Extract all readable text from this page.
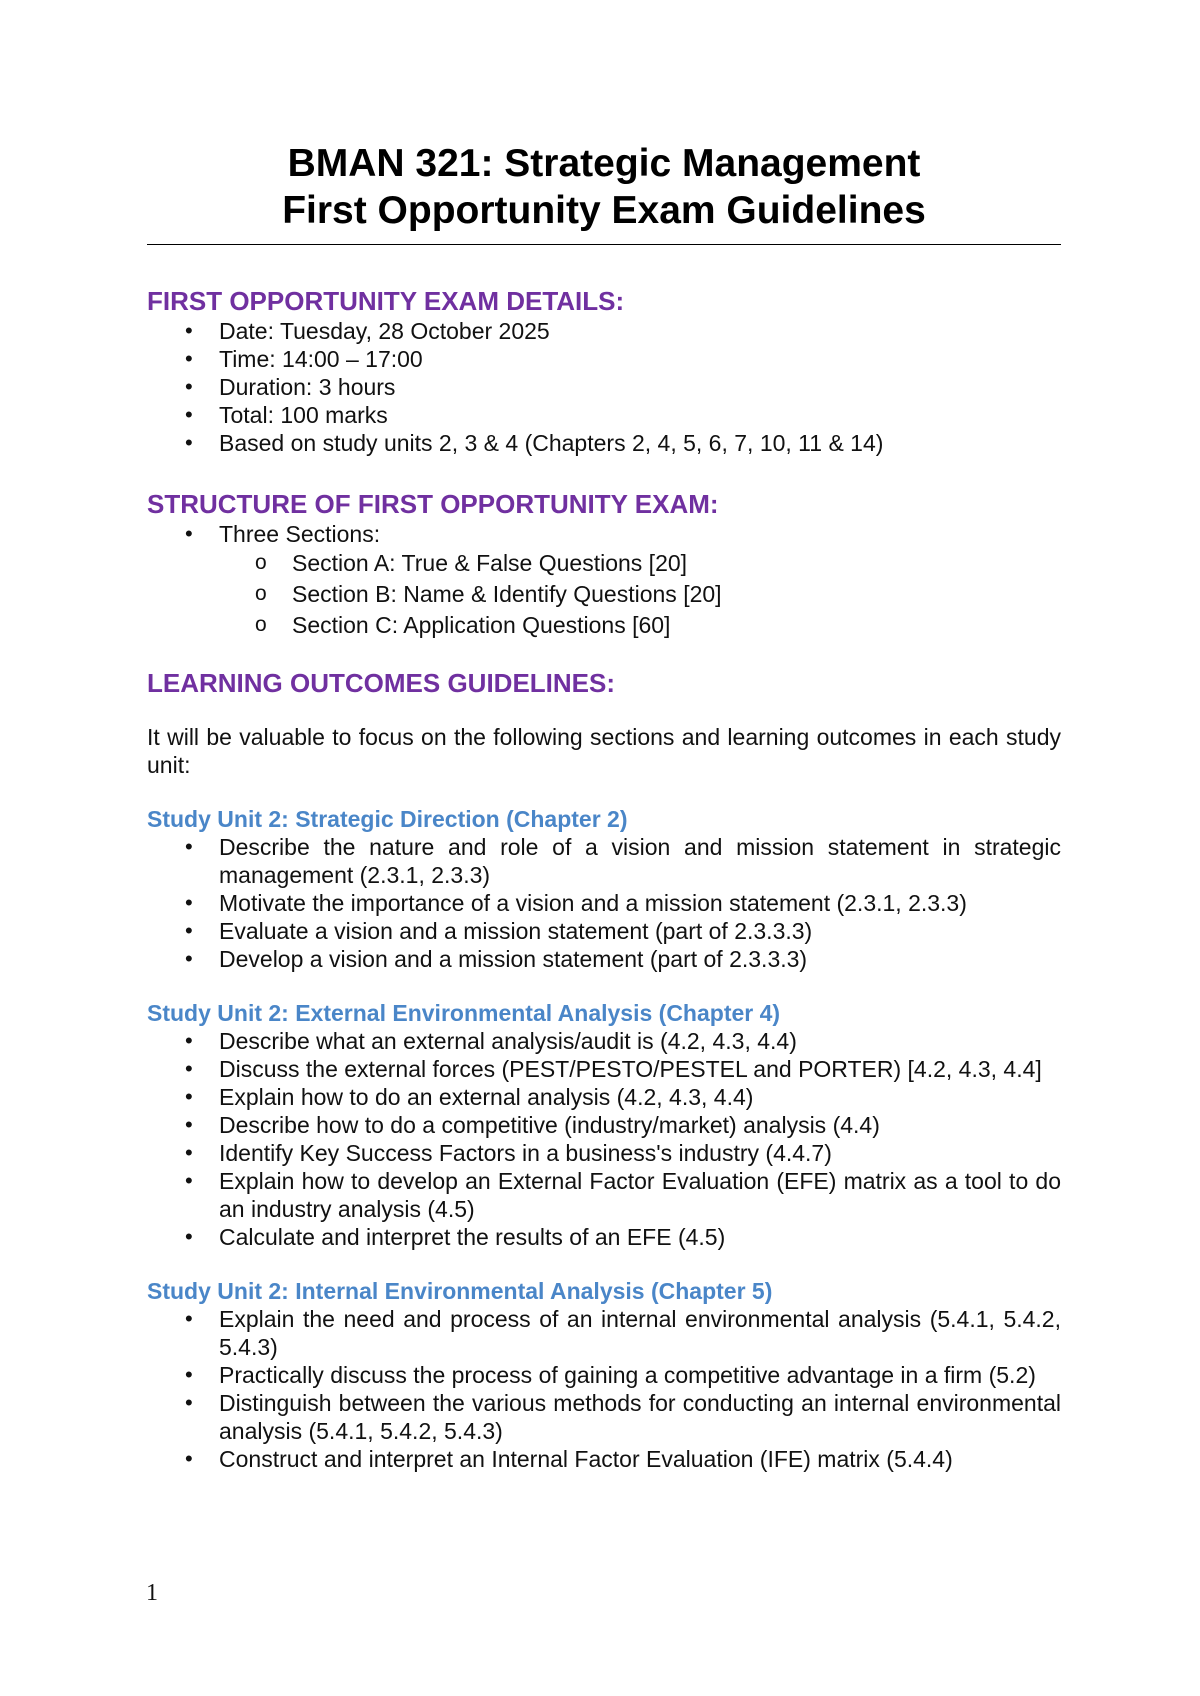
BMAN 321: Strategic Management
First Opportunity Exam Guidelines
FIRST OPPORTUNITY EXAM DETAILS:
• Date: Tuesday, 28 October 2025
• Time: 14:00 – 17:00
• Duration: 3 hours
• Total: 100 marks
• Based on study units 2, 3 & 4 (Chapters 2, 4, 5, 6, 7, 10, 11 & 14)
STRUCTURE OF FIRST OPPORTUNITY EXAM:
• Three Sections:
o Section A: True & False Questions [20]
o Section B: Name & Identify Questions [20]
o Section C: Application Questions [60]
LEARNING OUTCOMES GUIDELINES:

It will be valuable to focus on the following sections and learning outcomes in each study unit:

Study Unit 2: Strategic Direction (Chapter 2)
• Describe the nature and role of a vision and mission statement in strategic management (2.3.1, 2.3.3)
• Motivate the importance of a vision and a mission statement (2.3.1, 2.3.3)
• Evaluate a vision and a mission statement (part of 2.3.3.3)
• Develop a vision and a mission statement (part of 2.3.3.3)
Study Unit 2: External Environmental Analysis (Chapter 4)
• Describe what an external analysis/audit is (4.2, 4.3, 4.4)
• Discuss the external forces (PEST/PESTO/PESTEL and PORTER) [4.2, 4.3, 4.4]
• Explain how to do an external analysis (4.2, 4.3, 4.4)
• Describe how to do a competitive (industry/market) analysis (4.4)
• Identify Key Success Factors in a business's industry (4.4.7)
• Explain how to develop an External Factor Evaluation (EFE) matrix as a tool to do an industry analysis (4.5)
• Calculate and interpret the results of an EFE (4.5)
Study Unit 2: Internal Environmental Analysis (Chapter 5)
• Explain the need and process of an internal environmental analysis (5.4.1, 5.4.2, 5.4.3)
• Practically discuss the process of gaining a competitive advantage in a firm (5.2)
• Distinguish between the various methods for conducting an internal environmental analysis (5.4.1, 5.4.2, 5.4.3)
• Construct and interpret an Internal Factor Evaluation (IFE) matrix (5.4.4)
1
